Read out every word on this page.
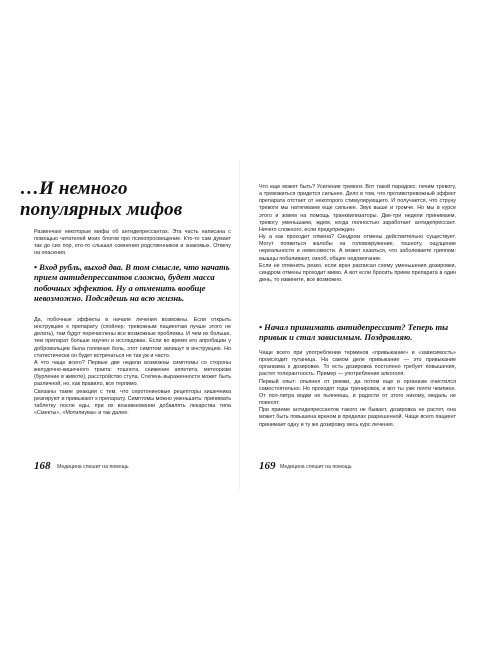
…И немного популярных мифов

Развенчаю некоторые мифы об антидепрессантах. Эта часть написана с помощью читателей моих блогов про психопросвещение. Кто-то сам думает так до сих пор, кто-то слышал сомнения родственников и знакомых. Отвечу на опасения.

• Вход рубль, выход два. В том смысле, что начать прием антидепрессантов сложно, будет масса побочных эффектов. Ну а отменить вообще невозможно. Подсядешь на всю жизнь.

Да, побочные эффекты в начале лечения возможны. Если открыть инструкцию к препарату (спойлер: тревожным пациентам лучше этого не делать), там будут перечислены все возможные проблемы. И чем их больше, тем препарат больше изучен и исследован. Если во время его апробации у добровольцев была головная боль, этот симптом запишут в инструкцию. Но статистически он будет встречаться не так уж и часто.
А что чаще всего? Первые две недели возможны симптомы со стороны желудочно-кишечного тракта: тошнота, снижение аппетита, метеоризм (бурление в животе), расстройство стула. Степень выраженности может быть различной, но, как правило, все терпимо.
Связаны такие реакции с тем, что серотониновые рецепторы кишечника реагируют и привыкают к препарату. Симптомы можно уменьшить: принимать таблетку после еды, при их возникновении добавлять лекарства типа «Смекты», «Мотилиума» и так далее.

168 Медицина спешит на помощь

Что еще может быть? Усиление тревоги. Вот такой парадокс: лечим тревогу, а тревожиться придется сильнее. Дело в том, что противотревожный эффект препарата отстает от некоторого стимулирующего. И получается, что струну тревоги мы натягиваем еще сильнее. Звук выше и громче. Но мы в курсе этого и зовем на помощь транквилизаторы. Две-три недели принимаем, тревогу уменьшаем, ждем, когда полностью заработает антидепрессант. Ничего сложного, если предупрежден.
Ну а как проходит отмена? Синдром отмены действительно существует. Могут появиться жалобы на головокружение, тошноту, ощущение нереальности и невесомости. А может казаться, что заболеваете гриппом: мышцы побаливают, озноб, общее недомогание.
Если не отменять резко, если врач расписал схему уменьшения дозировки, синдром отмены проходит мимо. А вот если бросить прием препарата в один день, то извините, все возможно.

• Начал принимать антидепрессант? Теперь ты привык и стал зависимым. Поздравляю.

Чаще всего при употреблении терминов «привыкание» и «зависимость» происходит путаница. На самом деле привыкание — это привыкание организма к дозировке. То есть дозировка постоянно требует повышения, растет толерантность. Пример — употребление алкоголя.
Первый опыт: опьянел от рюмки, да потом еще и организм очистился самостоятельно. Но проходят годы тренировок, и вот ты уже почти чемпион. От пол-литра водки не пьянеешь, и радости от этого никому, медаль не повесят.
При приеме антидепрессантов такого не бывает, дозировка не растет, она может быть повышена врачом в пределах разрешенной. Чаще всего пациент принимает одну и ту же дозировку весь курс лечения.

169 Медицина спешит на помощь
